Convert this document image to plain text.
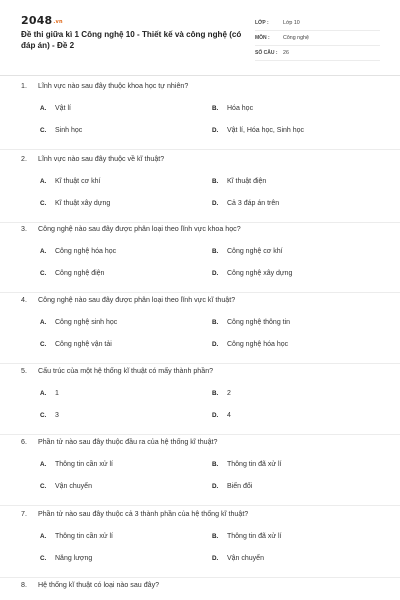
2048.vn
Đề thi giữa kì 1 Công nghệ 10 - Thiết kế và công nghệ (có đáp án) - Đề 2
LỚP :	Lớp 10
MÔN :	Công nghệ
SỐ CÂU :	26
1. Lĩnh vực nào sau đây thuộc khoa học tự nhiên?
A. Vật lí	B. Hóa học
C. Sinh học	D. Vật lí, Hóa học, Sinh học
2. Lĩnh vực nào sau đây thuộc về kĩ thuật?
A. Kĩ thuật cơ khí	B. Kĩ thuật điện
C. Kĩ thuật xây dựng	D. Cả 3 đáp án trên
3. Công nghệ nào sau đây được phân loại theo lĩnh vực khoa học?
A. Công nghệ hóa học	B. Công nghệ cơ khí
C. Công nghệ điện	D. Công nghệ xây dựng
4. Công nghệ nào sau đây được phân loại theo lĩnh vực kĩ thuật?
A. Công nghệ sinh học	B. Công nghệ thông tin
C. Công nghệ vận tải	D. Công nghệ hóa học
5. Cấu trúc của một hệ thống kĩ thuật có mấy thành phần?
A. 1	B. 2
C. 3	D. 4
6. Phần tử nào sau đây thuộc đầu ra của hệ thống kĩ thuật?
A. Thông tin cần xử lí	B. Thông tin đã xử lí
C. Vận chuyển	D. Biến đổi
7. Phần tử nào sau đây thuộc cả 3 thành phần của hệ thống kĩ thuật?
A. Thông tin cần xử lí	B. Thông tin đã xử lí
C. Năng lượng	D. Vận chuyển
8. Hệ thống kĩ thuật có loại nào sau đây?
